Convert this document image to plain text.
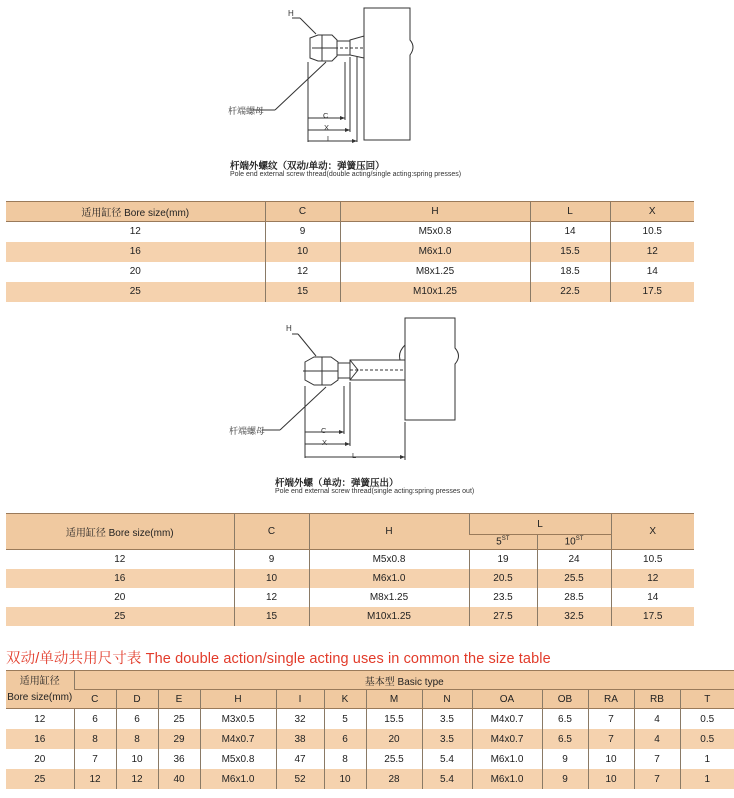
H
C
X
L
杆端螺母
杆端外螺纹（双动/单动：弹簧压回）
Pole end external screw thread(double acting/single acting:spring presses)
适用缸径 Bore size(mm)	C	H	L	X
12	9	M5x0.8	14	10.5
16	10	M6x1.0	15.5	12
20	12	M8x1.25	18.5	14
25	15	M10x1.25	22.5	17.5
H
C
X
L
杆端螺母
杆端外螺（单动：弹簧压出）
Pole end external screw thread(single acting:spring presses out)
适用缸径 Bore size(mm)	C	H	L		X
			5ST	10ST
12	9	M5x0.8	19	24	10.5
16	10	M6x1.0	20.5	25.5	12
20	12	M8x1.25	23.5	28.5	14
25	15	M10x1.25	27.5	32.5	17.5
双动/单动共用尺寸表 The double action/single acting uses in common the size table
适用缸径
Bore size(mm)	基本型 Basic type												
	C	D	E	H	I	K	M	N	OA	OB	RA	RB	T
12	6	6	25	M3x0.5	32	5	15.5	3.5	M4x0.7	6.5	7	4	0.5
16	8	8	29	M4x0.7	38	6	20	3.5	M4x0.7	6.5	7	4	0.5
20	7	10	36	M5x0.8	47	8	25.5	5.4	M6x1.0	9	10	7	1
25	12	12	40	M6x1.0	52	10	28	5.4	M6x1.0	9	10	7	1
